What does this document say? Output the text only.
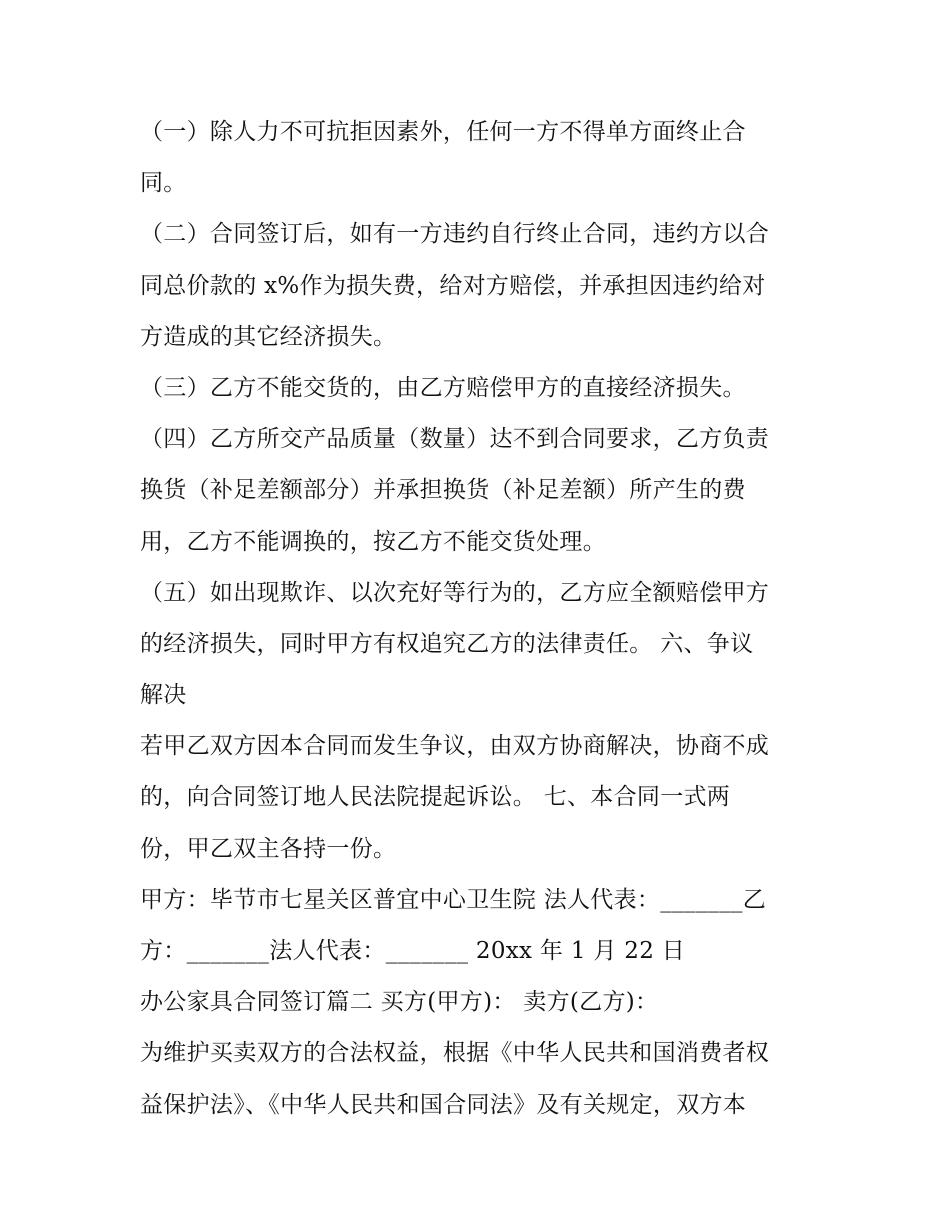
（一）除人力不可抗拒因素外，任何一方不得单方面终止合
同。
（二）合同签订后，如有一方违约自行终止合同，违约方以合
同总价款的 x%作为损失费，给对方赔偿，并承担因违约给对
方造成的其它经济损失。
（三）乙方不能交货的，由乙方赔偿甲方的直接经济损失。
（四）乙方所交产品质量（数量）达不到合同要求，乙方负责
换货（补足差额部分）并承担换货（补足差额）所产生的费
用，乙方不能调换的，按乙方不能交货处理。
（五）如出现欺诈、以次充好等行为的，乙方应全额赔偿甲方
的经济损失，同时甲方有权追究乙方的法律责任。 六、争议
解决
若甲乙双方因本合同而发生争议，由双方协商解决，协商不成
的，向合同签订地人民法院提起诉讼。 七、本合同一式两
份，甲乙双主各持一份。
甲方：毕节市七星关区普宜中心卫生院 法人代表：_______乙
方：_______法人代表：_______ 20xx 年 1 月 22 日
办公家具合同签订篇二 买方(甲方)： 卖方(乙方)：
为维护买卖双方的合法权益，根据《中华人民共和国消费者权
益保护法》、《中华人民共和国合同法》及有关规定，双方本
